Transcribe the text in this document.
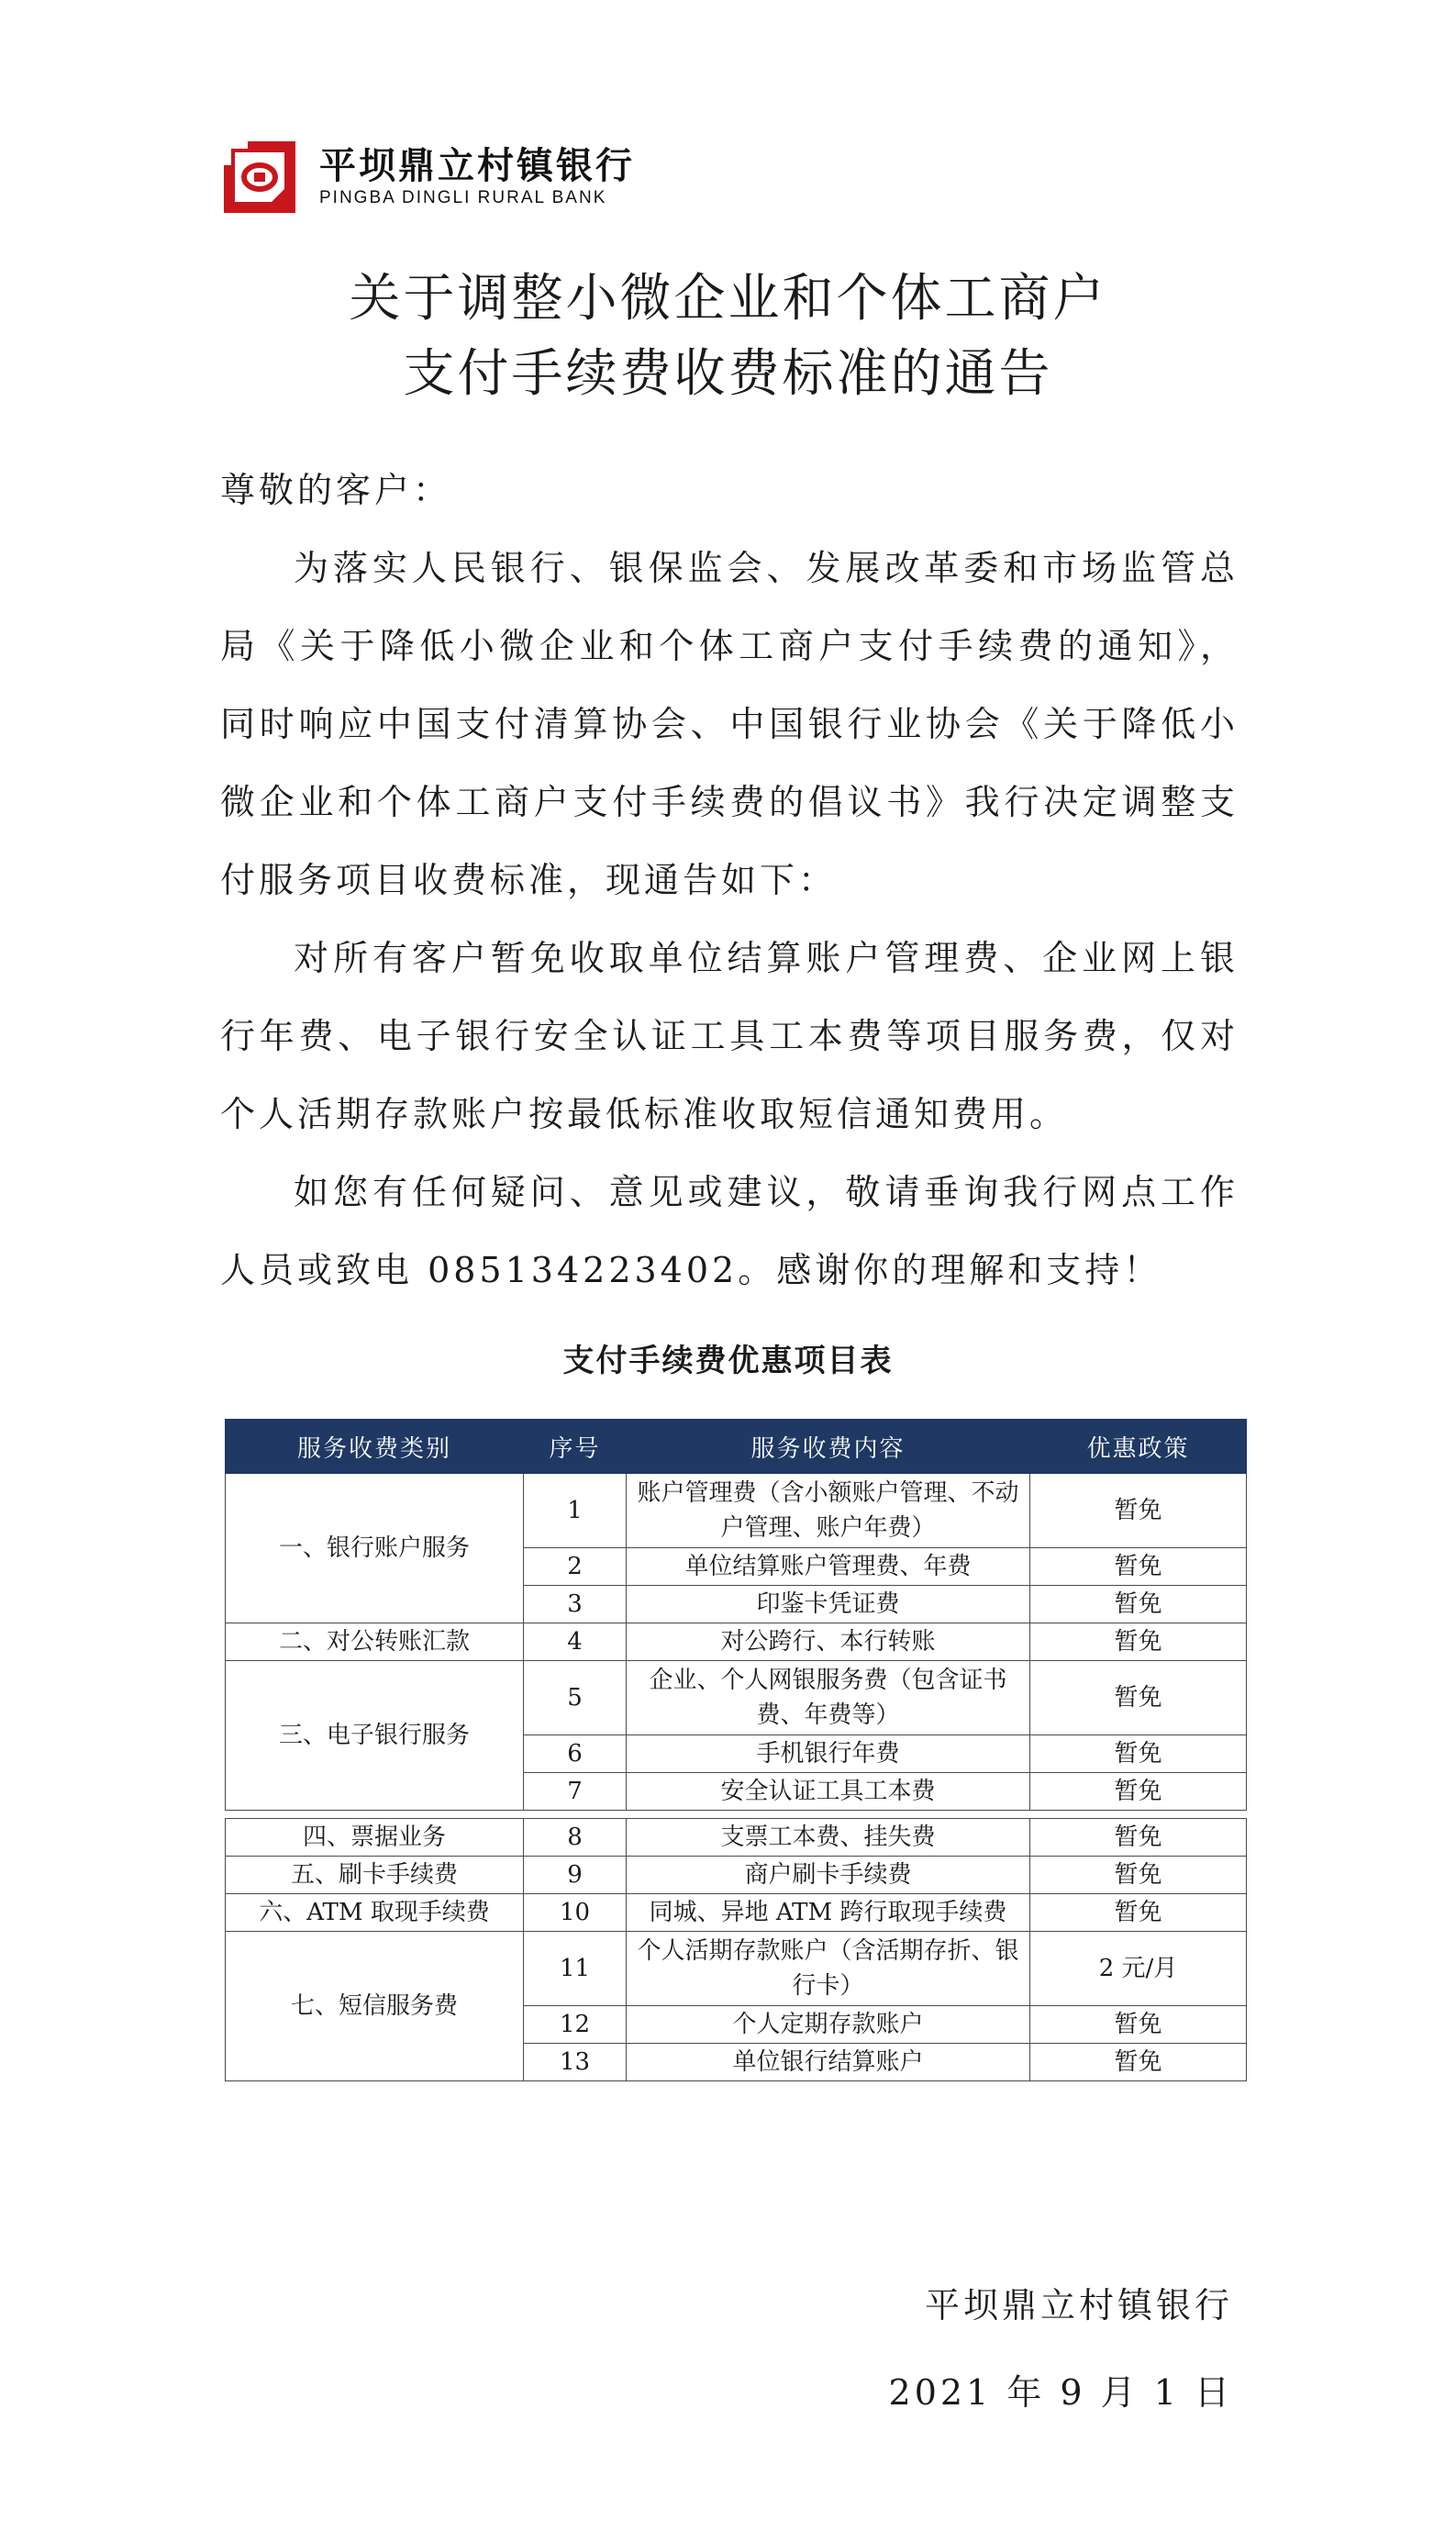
平坝鼎立村镇银行
PINGBA DINGLI RURAL BANK
关于调整小微企业和个体工商户
支付手续费收费标准的通告

尊敬的客户：

为落实人民银行、银保监会、发展改革委和市场监管总局《关于降低小微企业和个体工商户支付手续费的通知》，同时响应中国支付清算协会、中国银行业协会《关于降低小微企业和个体工商户支付手续费的倡议书》我行决定调整支付服务项目收费标准，现通告如下：

对所有客户暂免收取单位结算账户管理费、企业网上银行年费、电子银行安全认证工具工本费等项目服务费，仅对个人活期存款账户按最低标准收取短信通知费用。

如您有任何疑问、意见或建议，敬请垂询我行网点工作人员或致电 085134223402。感谢你的理解和支持！

支付手续费优惠项目表
服务收费类别	序号	服务收费内容	优惠政策
一、银行账户服务	1	账户管理费（含小额账户管理、不动户管理、账户年费）	暂免
	2	单位结算账户管理费、年费	暂免
	3	印鉴卡凭证费	暂免
二、对公转账汇款	4	对公跨行、本行转账	暂免
三、电子银行服务	5	企业、个人网银服务费（包含证书费、年费等）	暂免
	6	手机银行年费	暂免
	7	安全认证工具工本费	暂免

四、票据业务	8	支票工本费、挂失费	暂免
五、刷卡手续费	9	商户刷卡手续费	暂免
六、ATM 取现手续费	10	同城、异地 ATM 跨行取现手续费	暂免
七、短信服务费	11	个人活期存款账户（含活期存折、银行卡）	2 元/月
	12	个人定期存款账户	暂免
	13	单位银行结算账户	暂免
平坝鼎立村镇银行
2021 年 9 月 1 日
